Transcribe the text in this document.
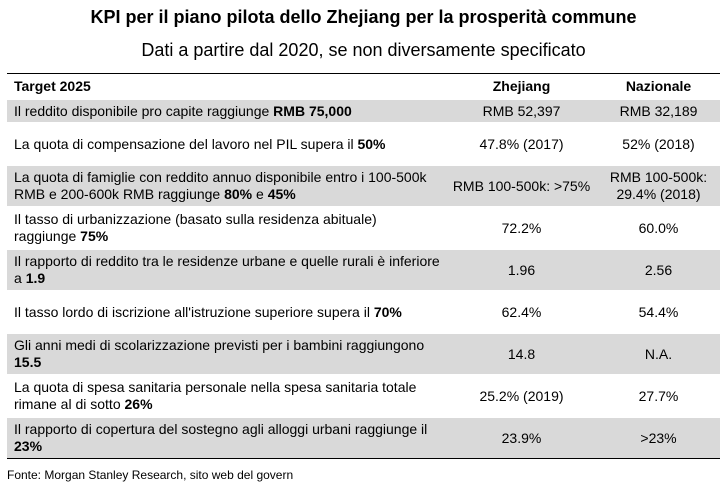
KPI per il piano pilota dello Zhejiang per la prosperità commune
Dati a partire dal 2020, se non diversamente specificato
Target 2025	Zhejiang	Nazionale
Il reddito disponibile pro capite raggiunge RMB 75,000	RMB 52,397	RMB 32,189
La quota di compensazione del lavoro nel PIL supera il 50%	47.8% (2017)	52% (2018)
La quota di famiglie con reddito annuo disponibile entro i 100-500k RMB e 200-600k RMB raggiunge 80% e 45%	RMB 100-500k: >75%	RMB 100-500k: 29.4% (2018)
Il tasso di urbanizzazione (basato sulla residenza abituale) raggiunge 75%	72.2%	60.0%
Il rapporto di reddito tra le residenze urbane e quelle rurali è inferiore a 1.9	1.96	2.56
Il tasso lordo di iscrizione all'istruzione superiore supera il 70%	62.4%	54.4%
Gli anni medi di scolarizzazione previsti per i bambini raggiungono 15.5	14.8	N.A.
La quota di spesa sanitaria personale nella spesa sanitaria totale rimane al di sotto 26%	25.2% (2019)	27.7%
Il rapporto di copertura del sostegno agli alloggi urbani raggiunge il 23%	23.9%	>23%
Fonte: Morgan Stanley Research, sito web del govern
